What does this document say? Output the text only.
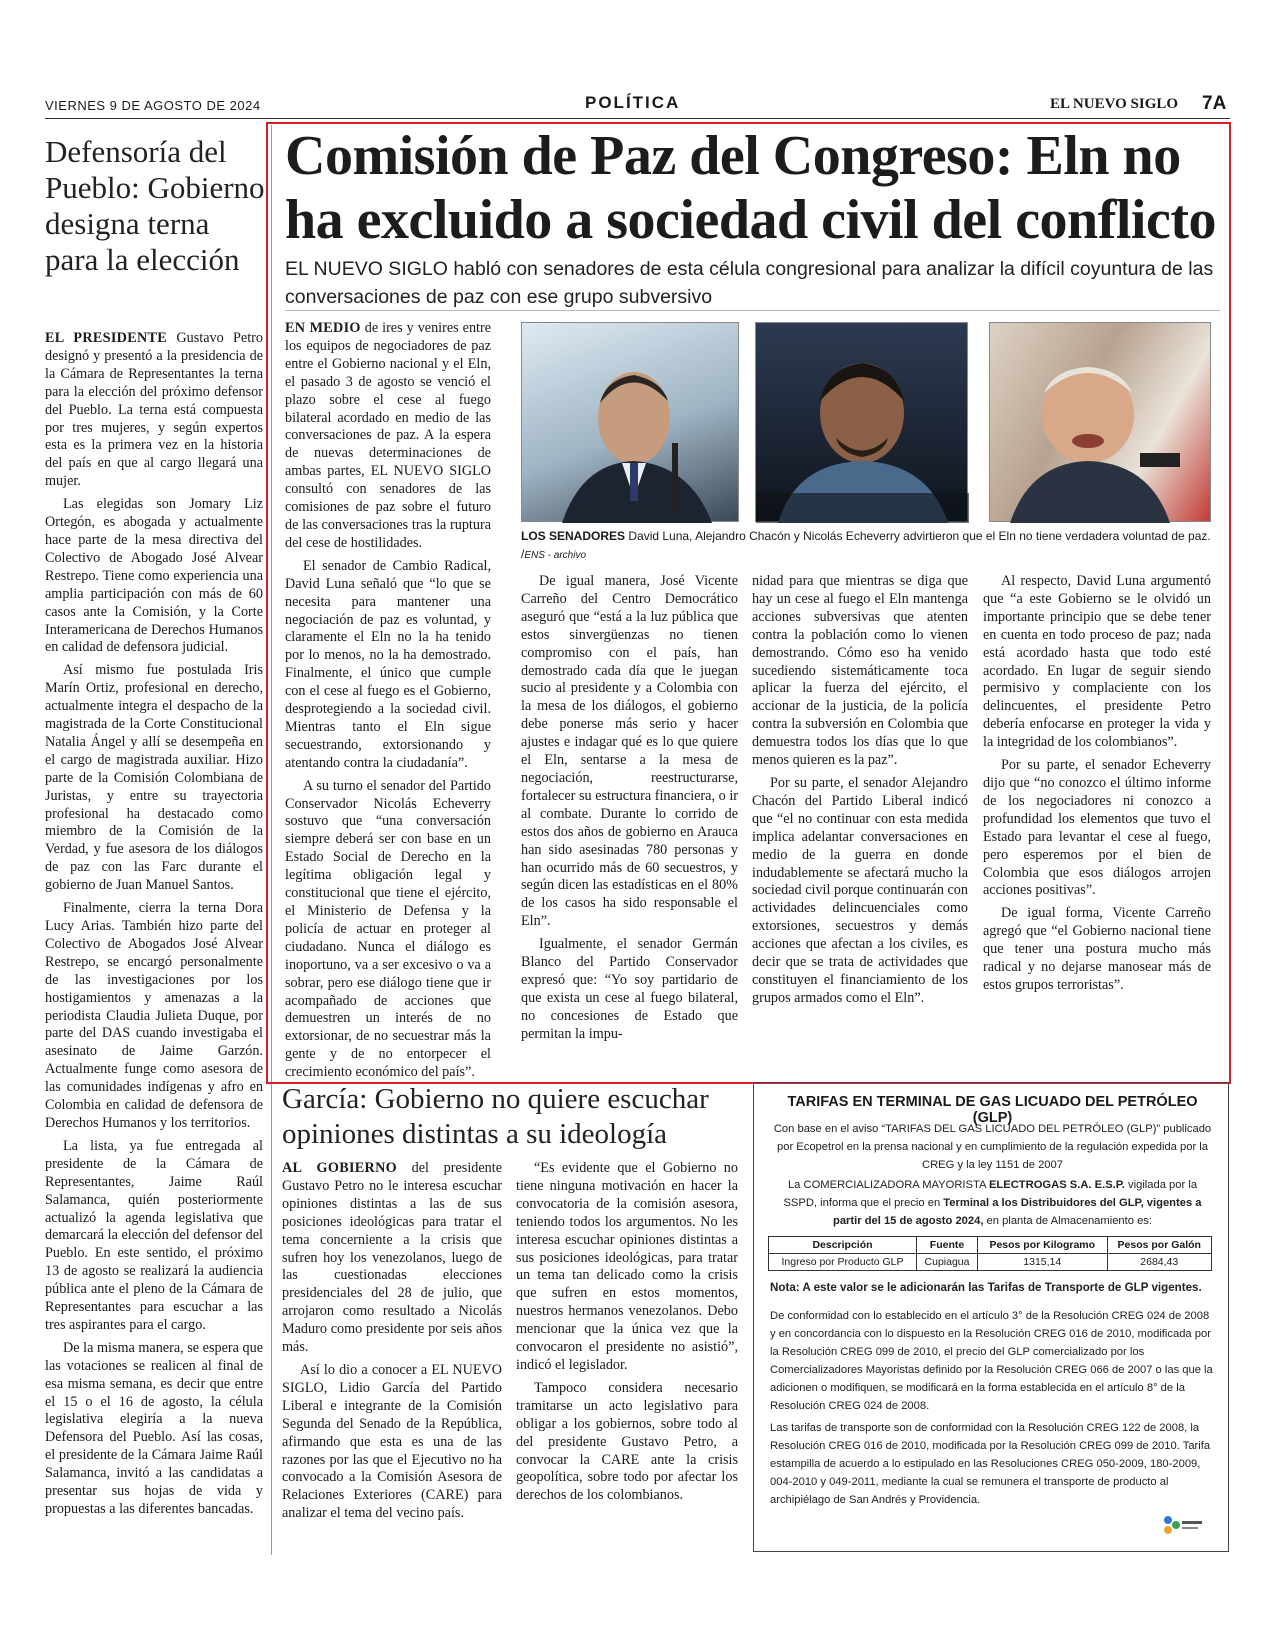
VIERNES 9 DE AGOSTO DE 2024	POLÍTICA	EL NUEVO SIGLO 7A
Defensoría del Pueblo: Gobierno designa terna para la elección

EL PRESIDENTE Gustavo Petro designó y presentó a la presidencia de la Cámara de Representantes la terna para la elección del próximo defensor del Pueblo. La terna está compuesta por tres mujeres, y según expertos esta es la primera vez en la historia del país en que al cargo llegará una mujer.

Las elegidas son Jomary Liz Ortegón, es abogada y actualmente hace parte de la mesa directiva del Colectivo de Abogado José Alvear Restrepo. Tiene como experiencia una amplia participación con más de 60 casos ante la Comisión, y la Corte Interamericana de Derechos Humanos en calidad de defensora judicial.

Así mismo fue postulada Iris Marín Ortiz, profesional en derecho, actualmente integra el despacho de la magistrada de la Corte Constitucional Natalia Ángel y allí se desempeña en el cargo de magistrada auxiliar. Hizo parte de la Comisión Colombiana de Juristas, y entre su trayectoria profesional ha destacado como miembro de la Comisión de la Verdad, y fue asesora de los diálogos de paz con las Farc durante el gobierno de Juan Manuel Santos.

Finalmente, cierra la terna Dora Lucy Arias. También hizo parte del Colectivo de Abogados José Alvear Restrepo, se encargó personalmente de las investigaciones por los hostigamientos y amenazas a la periodista Claudia Julieta Duque, por parte del DAS cuando investigaba el asesinato de Jaime Garzón. Actualmente funge como asesora de las comunidades indígenas y afro en Colombia en calidad de defensora de Derechos Humanos y los territorios.

La lista, ya fue entregada al presidente de la Cámara de Representantes, Jaime Raúl Salamanca, quién posteriormente actualizó la agenda legislativa que demarcará la elección del defensor del Pueblo. En este sentido, el próximo 13 de agosto se realizará la audiencia pública ante el pleno de la Cámara de Representantes para escuchar a las tres aspirantes para el cargo.

De la misma manera, se espera que las votaciones se realicen al final de esa misma semana, es decir que entre el 15 o el 16 de agosto, la célula legislativa elegiría a la nueva Defensora del Pueblo. Así las cosas, el presidente de la Cámara Jaime Raúl Salamanca, invitó a las candidatas a presentar sus hojas de vida y propuestas a las diferentes bancadas.

Comisión de Paz del Congreso: Eln no ha excluido a sociedad civil del conflicto
EL NUEVO SIGLO habló con senadores de esta célula congresional para analizar la difícil coyuntura de las conversaciones de paz con ese grupo subversivo

EN MEDIO de ires y venires entre los equipos de negociadores de paz entre el Gobierno nacional y el Eln, el pasado 3 de agosto se venció el plazo sobre el cese al fuego bilateral acordado en medio de las conversaciones de paz. A la espera de nuevas determinaciones de ambas partes, EL NUEVO SIGLO consultó con senadores de las comisiones de paz sobre el futuro de las conversaciones tras la ruptura del cese de hostilidades.

El senador de Cambio Radical, David Luna señaló que “lo que se necesita para mantener una negociación de paz es voluntad, y claramente el Eln no la ha tenido por lo menos, no la ha demostrado. Finalmente, el único que cumple con el cese al fuego es el Gobierno, desprotegiendo a la sociedad civil. Mientras tanto el Eln sigue secuestrando, extorsionando y atentando contra la ciudadanía”.

A su turno el senador del Partido Conservador Nicolás Echeverry sostuvo que “una conversación siempre deberá ser con base en un Estado Social de Derecho en la legítima obligación legal y constitucional que tiene el ejército, el Ministerio de Defensa y la policía de actuar en proteger al ciudadano. Nunca el diálogo es inoportuno, va a ser excesivo o va a sobrar, pero ese diálogo tiene que ir acompañado de acciones que demuestren un interés de no extorsionar, de no secuestrar más la gente y de no entorpecer el crecimiento económico del país”.

LOS SENADORES David Luna, Alejandro Chacón y Nicolás Echeverry advirtieron que el Eln no tiene verdadera voluntad de paz. /ENS - archivo

De igual manera, José Vicente Carreño del Centro Democrático aseguró que “está a la luz pública que estos sinvergüenzas no tienen compromiso con el país, han demostrado cada día que le juegan sucio al presidente y a Colombia con la mesa de los diálogos, el gobierno debe ponerse más serio y hacer ajustes e indagar qué es lo que quiere el Eln, sentarse a la mesa de negociación, reestructurarse, fortalecer su estructura financiera, o ir al combate. Durante lo corrido de estos dos años de gobierno en Arauca han sido asesinadas 780 personas y han ocurrido más de 60 secuestros, y según dicen las estadísticas en el 80% de los casos ha sido responsable el Eln”.

Igualmente, el senador Germán Blanco del Partido Conservador expresó que: “Yo soy partidario de que exista un cese al fuego bilateral, no concesiones de Estado que permitan la impu-

nidad para que mientras se diga que hay un cese al fuego el Eln mantenga acciones subversivas que atenten contra la población como lo vienen demostrando. Cómo eso ha venido sucediendo sistemáticamente toca aplicar la fuerza del ejército, el accionar de la justicia, de la policía contra la subversión en Colombia que demuestra todos los días que lo que menos quieren es la paz”.

Por su parte, el senador Alejandro Chacón del Partido Liberal indicó que “el no continuar con esta medida implica adelantar conversaciones en medio de la guerra en donde indudablemente se afectará mucho la sociedad civil porque continuarán con actividades delincuenciales como extorsiones, secuestros y demás acciones que afectan a los civiles, es decir que se trata de actividades que constituyen el financiamiento de los grupos armados como el Eln”.

Al respecto, David Luna argumentó que “a este Gobierno se le olvidó un importante principio que se debe tener en cuenta en todo proceso de paz; nada está acordado hasta que todo esté acordado. En lugar de seguir siendo permisivo y complaciente con los delincuentes, el presidente Petro debería enfocarse en proteger la vida y la integridad de los colombianos”.

Por su parte, el senador Echeverry dijo que “no conozco el último informe de los negociadores ni conozco a profundidad los elementos que tuvo el Estado para levantar el cese al fuego, pero esperemos por el bien de Colombia que esos diálogos arrojen acciones positivas”.

De igual forma, Vicente Carreño agregó que “el Gobierno nacional tiene que tener una postura mucho más radical y no dejarse manosear más de estos grupos terroristas”.

García: Gobierno no quiere escuchar opiniones distintas a su ideología

AL GOBIERNO del presidente Gustavo Petro no le interesa escuchar opiniones distintas a las de sus posiciones ideológicas para tratar el tema concerniente a la crisis que sufren hoy los venezolanos, luego de las cuestionadas elecciones presidenciales del 28 de julio, que arrojaron como resultado a Nicolás Maduro como presidente por seis años más.

Así lo dio a conocer a EL NUEVO SIGLO, Lidio García del Partido Liberal e integrante de la Comisión Segunda del Senado de la República, afirmando que esta es una de las razones por las que el Ejecutivo no ha convocado a la Comisión Asesora de Relaciones Exteriores (CARE) para analizar el tema del vecino país.

“Es evidente que el Gobierno no tiene ninguna motivación en hacer la convocatoria de la comisión asesora, teniendo todos los argumentos. No les interesa escuchar opiniones distintas a sus posiciones ideológicas, para tratar un tema tan delicado como la crisis que sufren en estos momentos, nuestros hermanos venezolanos. Debo mencionar que la única vez que la convocaron el presidente no asistió”, indicó el legislador.

Tampoco considera necesario tramitarse un acto legislativo para obligar a los gobiernos, sobre todo al del presidente Gustavo Petro, a convocar la CARE ante la crisis geopolítica, sobre todo por afectar los derechos de los colombianos.

TARIFAS EN TERMINAL DE GAS LICUADO DEL PETRÓLEO (GLP)
Con base en el aviso “TARIFAS DEL GAS LICUADO DEL PETRÓLEO (GLP)” publicado por Ecopetrol en la prensa nacional y en cumplimiento de la regulación expedida por la CREG y la ley 1151 de 2007
La COMERCIALIZADORA MAYORISTA ELECTROGAS S.A. E.S.P. vigilada por la SSPD, informa que el precio en Terminal a los Distribuidores del GLP, vigentes a partir del 15 de agosto 2024, en planta de Almacenamiento es:
Descripción	Fuente	Pesos por Kilogramo	Pesos por Galón
Ingreso por Producto GLP	Cupiagua	1315,14	2684,43
Nota: A este valor se le adicionarán las Tarifas de Transporte de GLP vigentes.
De conformidad con lo establecido en el artículo 3° de la Resolución CREG 024 de 2008 y en concordancia con lo dispuesto en la Resolución CREG 016 de 2010, modificada por la Resolución CREG 099 de 2010, el precio del GLP comercializado por los Comercializadores Mayoristas definido por la Resolución CREG 066 de 2007 o las que la adicionen o modifiquen, se modificará en la forma establecida en el artículo 8° de la Resolución CREG 024 de 2008.
Las tarifas de transporte son de conformidad con la Resolución CREG 122 de 2008, la Resolución CREG 016 de 2010, modificada por la Resolución CREG 099 de 2010. Tarifa estampilla de acuerdo a lo estipulado en las Resoluciones CREG 050-2009, 180-2009, 004-2010 y 049-2011, mediante la cual se remunera el transporte de producto al archipiélago de San Andrés y Providencia.
